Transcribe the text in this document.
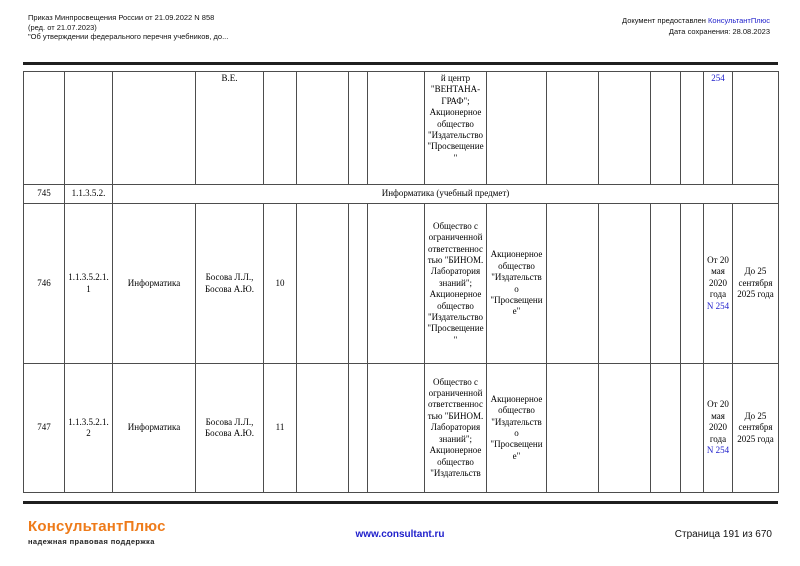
Приказ Минпросвещения России от 21.09.2022 N 858
(ред. от 21.07.2023)
"Об утверждении федерального перечня учебников, до...
Документ предоставлен КонсультантПлюс
Дата сохранения: 28.08.2023
			В.Е.					й центр "ВЕНТАНА-ГРАФ"; Акционерное общество "Издательство "Просвещение"						254	
745	1.1.3.5.2.	Информатика (учебный предмет)													
746	1.1.3.5.2.1.1	Информатика	Босова Л.Л., Босова А.Ю.	10				Общество с ограниченной ответственностью "БИНОМ. Лаборатория знаний"; Акционерное общество "Издательство "Просвещение"	Акционерное общество "Издательство "Просвещение"					От 20 мая 2020 года N 254	До 25 сентября 2025 года
747	1.1.3.5.2.1.2	Информатика	Босова Л.Л., Босова А.Ю.	11				Общество с ограниченной ответственностью "БИНОМ. Лаборатория знаний"; Акционерное общество "Издательств	Акционерное общество "Издательство "Просвещение"					От 20 мая 2020 года N 254	До 25 сентября 2025 года
КонсультантПлюс
надежная правовая поддержка
www.consultant.ru	Страница 191 из 670
